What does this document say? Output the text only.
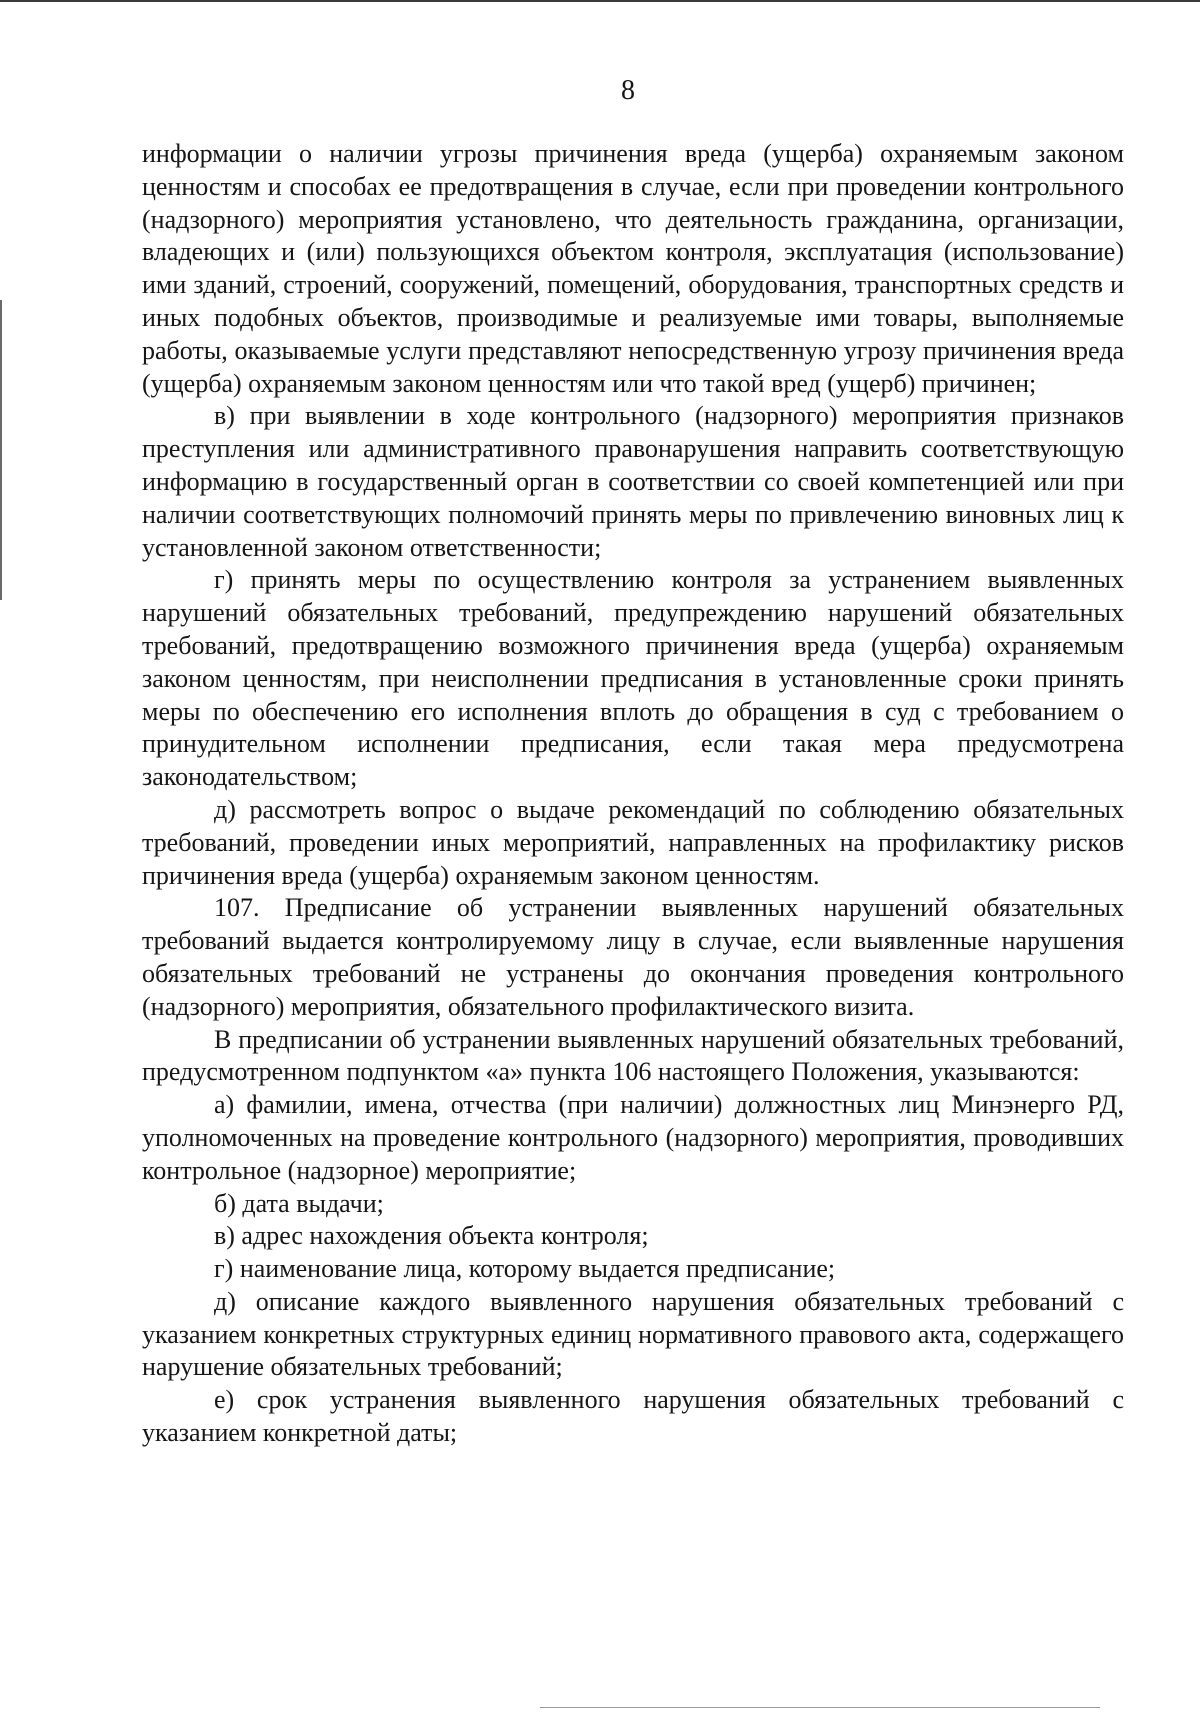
8

информации о наличии угрозы причинения вреда (ущерба) охраняемым законом ценностям и способах ее предотвращения в случае, если при проведении контрольного (надзорного) мероприятия установлено, что деятельность гражданина, организации, владеющих и (или) пользующихся объектом контроля, эксплуатация (использование) ими зданий, строений, сооружений, помещений, оборудования, транспортных средств и иных подобных объектов, производимые и реализуемые ими товары, выполняемые работы, оказываемые услуги представляют непосредственную угрозу причинения вреда (ущерба) охраняемым законом ценностям или что такой вред (ущерб) причинен;

в) при выявлении в ходе контрольного (надзорного) мероприятия признаков преступления или административного правонарушения направить соответствующую информацию в государственный орган в соответствии со своей компетенцией или при наличии соответствующих полномочий принять меры по привлечению виновных лиц к установленной законом ответственности;

г) принять меры по осуществлению контроля за устранением выявленных нарушений обязательных требований, предупреждению нарушений обязательных требований, предотвращению возможного причинения вреда (ущерба) охраняемым законом ценностям, при неисполнении предписания в установленные сроки принять меры по обеспечению его исполнения вплоть до обращения в суд с требованием о принудительном исполнении предписания, если такая мера предусмотрена законодательством;

д) рассмотреть вопрос о выдаче рекомендаций по соблюдению обязательных требований, проведении иных мероприятий, направленных на профилактику рисков причинения вреда (ущерба) охраняемым законом ценностям.

107. Предписание об устранении выявленных нарушений обязательных требований выдается контролируемому лицу в случае, если выявленные нарушения обязательных требований не устранены до окончания проведения контрольного (надзорного) мероприятия, обязательного профилактического визита.

В предписании об устранении выявленных нарушений обязательных требований, предусмотренном подпунктом «а» пункта 106 настоящего Положения, указываются:

а) фамилии, имена, отчества (при наличии) должностных лиц Минэнерго РД, уполномоченных на проведение контрольного (надзорного) мероприятия, проводивших контрольное (надзорное) мероприятие;

б) дата выдачи;

в) адрес нахождения объекта контроля;

г) наименование лица, которому выдается предписание;

д) описание каждого выявленного нарушения обязательных требований с указанием конкретных структурных единиц нормативного правового акта, содержащего нарушение обязательных требований;

е) срок устранения выявленного нарушения обязательных требований с указанием конкретной даты;
